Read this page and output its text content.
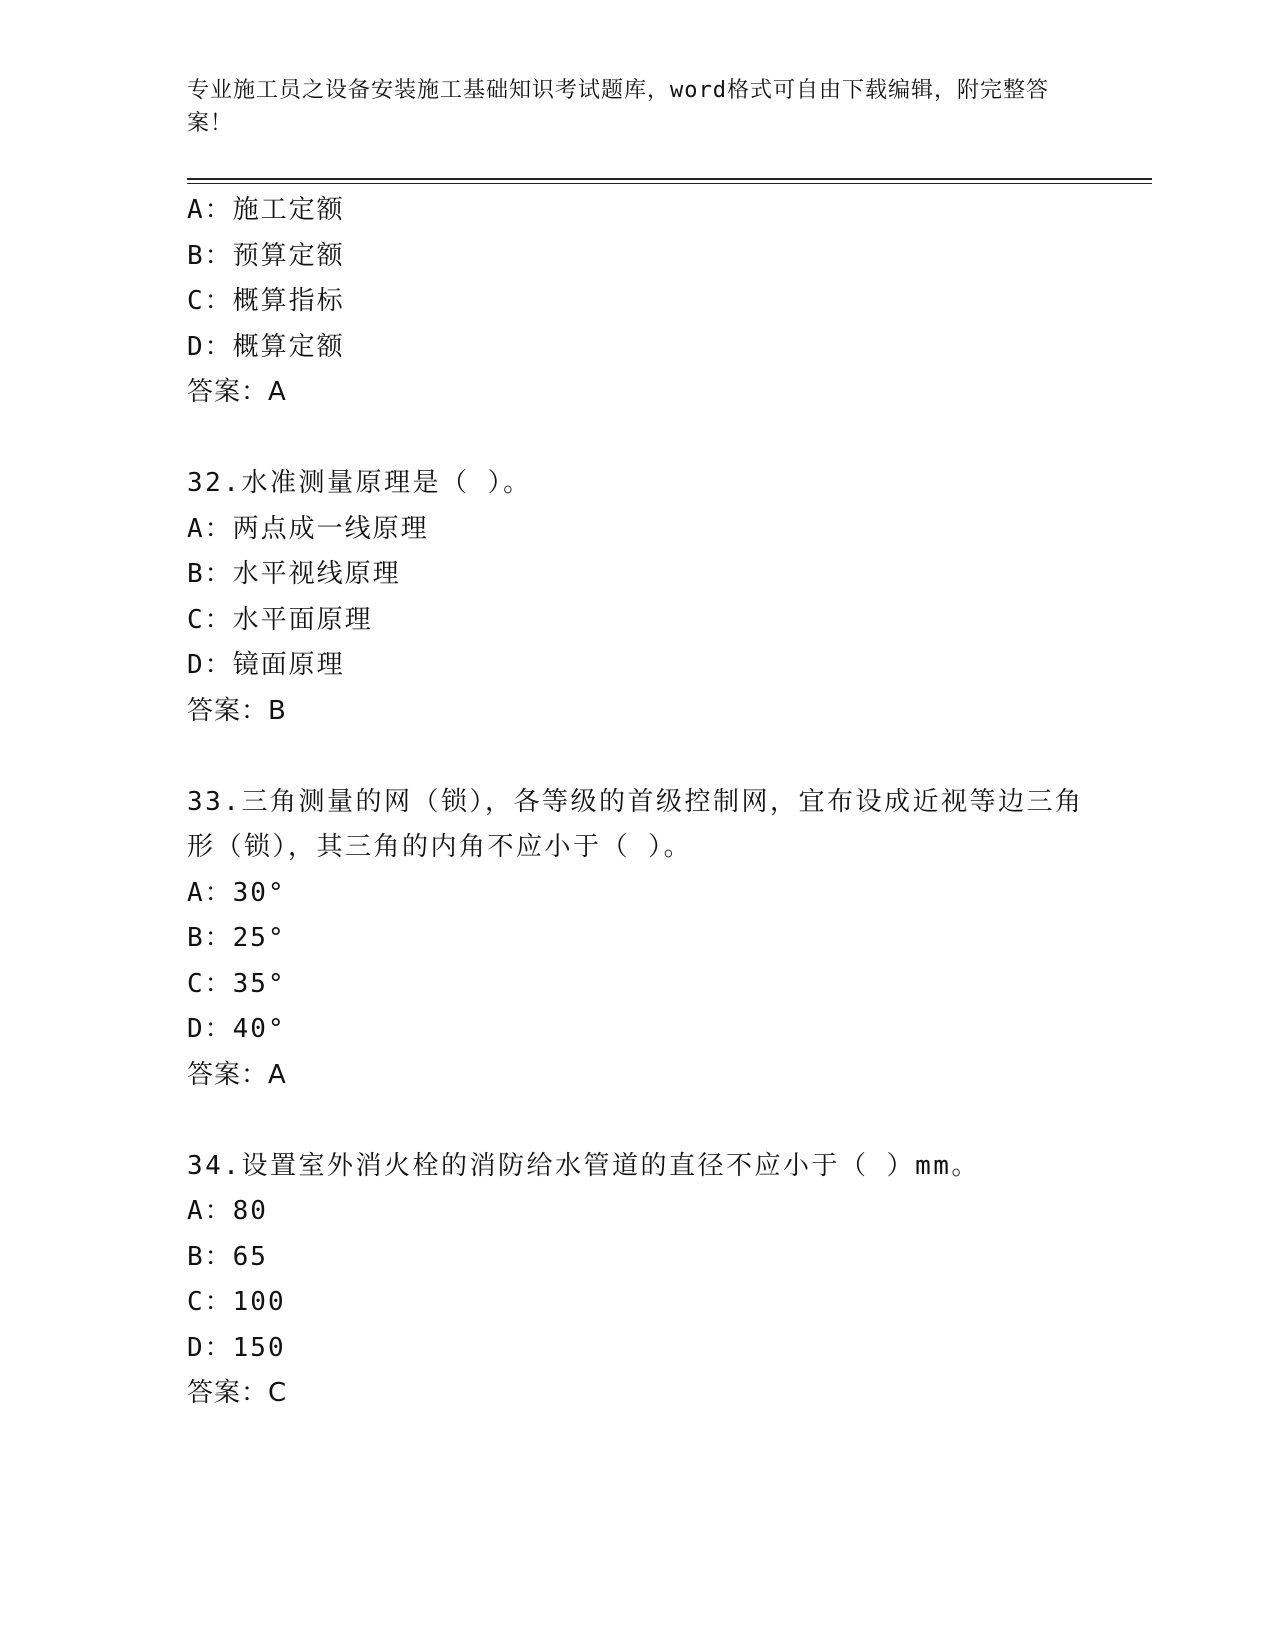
专业施工员之设备安装施工基础知识考试题库，word格式可自由下载编辑，附完整答案！
A：施工定额
B：预算定额
C：概算指标
D：概算定额
答案：A
32.水准测量原理是（ ）。
A：两点成一线原理
B：水平视线原理
C：水平面原理
D：镜面原理
答案：B
33.三角测量的网（锁），各等级的首级控制网，宜布设成近视等边三角形（锁），其三角的内角不应小于（ ）。
A：30°
B：25°
C：35°
D：40°
答案：A
34.设置室外消火栓的消防给水管道的直径不应小于（ ）mm。
A：80
B：65
C：100
D：150
答案：C
